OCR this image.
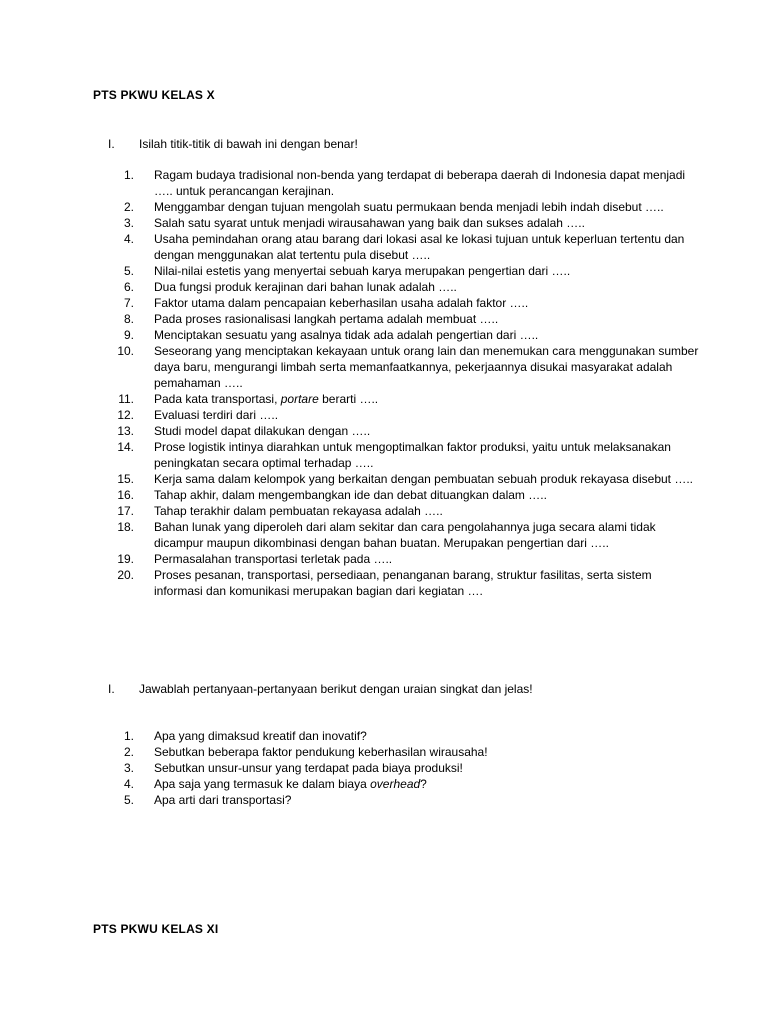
PTS PKWU KELAS X
I. Isilah titik-titik di bawah ini dengan benar!
1. Ragam budaya tradisional non-benda yang terdapat di beberapa daerah di Indonesia dapat menjadi ….. untuk perancangan kerajinan.
2. Menggambar dengan tujuan mengolah suatu permukaan benda menjadi lebih indah disebut …..
3. Salah satu syarat untuk menjadi wirausahawan yang baik dan sukses adalah …..
4. Usaha pemindahan orang atau barang dari lokasi asal ke lokasi tujuan untuk keperluan tertentu dan dengan menggunakan alat tertentu pula disebut …..
5. Nilai-nilai estetis yang menyertai sebuah karya merupakan pengertian dari …..
6. Dua fungsi produk kerajinan dari bahan lunak adalah …..
7. Faktor utama dalam pencapaian keberhasilan usaha adalah faktor …..
8. Pada proses rasionalisasi langkah pertama adalah membuat …..
9. Menciptakan sesuatu yang asalnya tidak ada adalah pengertian dari …..
10. Seseorang yang menciptakan kekayaan untuk orang lain dan menemukan cara menggunakan sumber daya baru, mengurangi limbah serta memanfaatkannya, pekerjaannya disukai masyarakat adalah pemahaman …..
11. Pada kata transportasi, portare berarti …..
12. Evaluasi terdiri dari …..
13. Studi model dapat dilakukan dengan …..
14. Prose logistik intinya diarahkan untuk mengoptimalkan faktor produksi, yaitu untuk melaksanakan peningkatan secara optimal terhadap …..
15. Kerja sama dalam kelompok yang berkaitan dengan pembuatan sebuah produk rekayasa disebut …..
16. Tahap akhir, dalam mengembangkan ide dan debat dituangkan dalam …..
17. Tahap terakhir dalam pembuatan rekayasa adalah …..
18. Bahan lunak yang diperoleh dari alam sekitar dan cara pengolahannya juga secara alami tidak dicampur maupun dikombinasi dengan bahan buatan. Merupakan pengertian dari …..
19. Permasalahan transportasi terletak pada …..
20. Proses pesanan, transportasi, persediaan, penanganan barang, struktur fasilitas, serta sistem informasi dan komunikasi merupakan bagian dari kegiatan ….
I. Jawablah pertanyaan-pertanyaan berikut dengan uraian singkat dan jelas!
1. Apa yang dimaksud kreatif dan inovatif?
2. Sebutkan beberapa faktor pendukung keberhasilan wirausaha!
3. Sebutkan unsur-unsur yang terdapat pada biaya produksi!
4. Apa saja yang termasuk ke dalam biaya overhead?
5. Apa arti dari transportasi?
PTS PKWU KELAS XI
